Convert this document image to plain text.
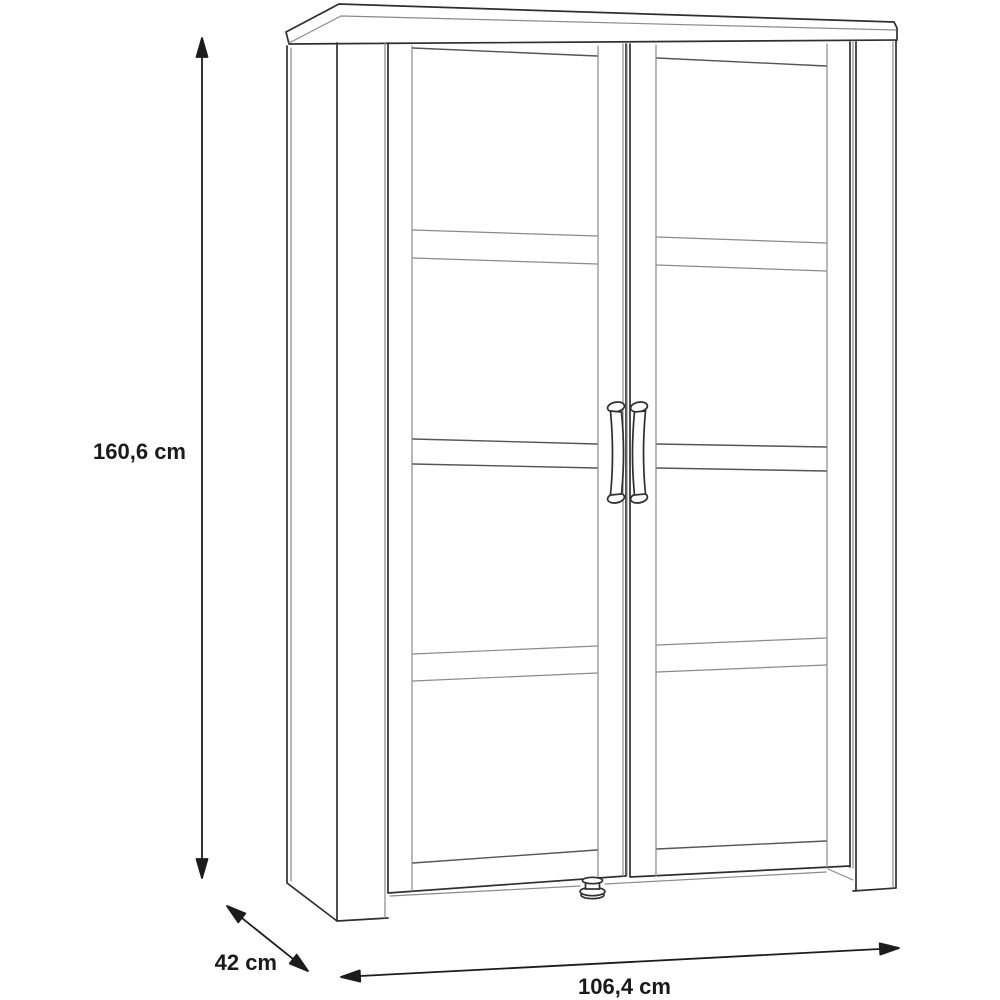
160,6 cm
42 cm
106,4 cm
